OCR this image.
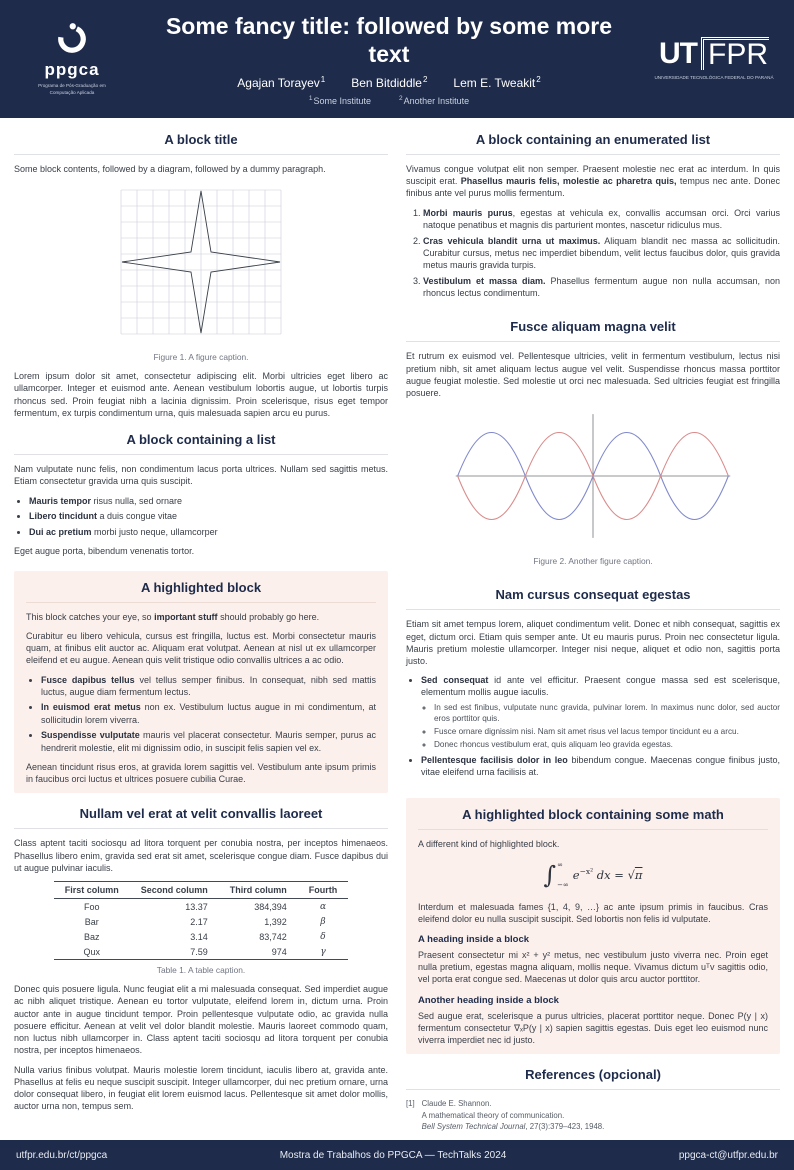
ppgca
Programa de Pós-Graduação em Computação Aplicada
Some fancy title: followed by some more text
Agajan Torayev$^1$ Ben Bitdiddle$^2$ Lem E. Tweakit$^2$
$^1$Some Institute	$^2$Another Institute
UT FPR
UNIVERSIDADE TECNOLÓGICA FEDERAL DO PARANÁ
A block title

Some block contents, followed by a diagram, followed by a dummy paragraph.

Figure 1. A figure caption.

Lorem ipsum dolor sit amet, consectetur adipiscing elit. Morbi ultricies eget libero ac ullamcorper. Integer et euismod ante. Aenean vestibulum lobortis augue, ut lobortis turpis rhoncus sed. Proin feugiat nibh a lacinia dignissim. Proin scelerisque, risus eget tempor fermentum, ex turpis condimentum urna, quis malesuada sapien arcu eu purus.

A block containing a list

Nam vulputate nunc felis, non condimentum lacus porta ultrices. Nullam sed sagittis metus. Etiam consectetur gravida urna quis suscipit.

• Mauris tempor risus nulla, sed ornare
• Libero tincidunt a duis congue vitae
• Dui ac pretium morbi justo neque, ullamcorper

Eget augue porta, bibendum venenatis tortor.

A highlighted block

This block catches your eye, so important stuff should probably go here.

Curabitur eu libero vehicula, cursus est fringilla, luctus est. Morbi consectetur mauris quam, at finibus elit auctor ac. Aliquam erat volutpat. Aenean at nisl ut ex ullamcorper eleifend et eu augue. Aenean quis velit tristique odio convallis ultrices a ac odio.

• Fusce dapibus tellus vel tellus semper finibus. In consequat, nibh sed mattis luctus, augue diam fermentum lectus.
• In euismod erat metus non ex. Vestibulum luctus augue in mi condimentum, at sollicitudin lorem viverra.
• Suspendisse vulputate mauris vel placerat consectetur. Mauris semper, purus ac hendrerit molestie, elit mi dignissim odio, in suscipit felis sapien vel ex.

Aenean tincidunt risus eros, at gravida lorem sagittis vel. Vestibulum ante ipsum primis in faucibus orci luctus et ultrices posuere cubilia Curae.

Nullam vel erat at velit convallis laoreet

Class aptent taciti sociosqu ad litora torquent per conubia nostra, per inceptos himenaeos. Phasellus libero enim, gravida sed erat sit amet, scelerisque congue diam. Fusce dapibus dui ut augue pulvinar iaculis.

First column	Second column	Third column	Fourth
Foo	13.37	384,394	α
Bar	2.17	1,392	β
Baz	3.14	83,742	δ
Qux	7.59	974	γ
Table 1. A table caption.

Donec quis posuere ligula. Nunc feugiat elit a mi malesuada consequat. Sed imperdiet augue ac nibh aliquet tristique. Aenean eu tortor vulputate, eleifend lorem in, dictum urna. Proin auctor ante in augue tincidunt tempor. Proin pellentesque vulputate odio, ac gravida nulla posuere efficitur. Aenean at velit vel dolor blandit molestie. Mauris laoreet commodo quam, non luctus nibh ullamcorper in. Class aptent taciti sociosqu ad litora torquent per conubia nostra, per inceptos himenaeos.

Nulla varius finibus volutpat. Mauris molestie lorem tincidunt, iaculis libero at, gravida ante. Phasellus at felis eu neque suscipit suscipit. Integer ullamcorper, dui nec pretium ornare, urna dolor consequat libero, in feugiat elit lorem euismod lacus. Pellentesque sit amet dolor mollis, auctor urna non, tempus sem.

A block containing an enumerated list

Vivamus congue volutpat elit non semper. Praesent molestie nec erat ac interdum. In quis suscipit erat. Phasellus mauris felis, molestie ac pharetra quis, tempus nec ante. Donec finibus ante vel purus mollis fermentum.

1. Morbi mauris purus, egestas at vehicula ex, convallis accumsan orci. Orci varius natoque penatibus et magnis dis parturient montes, nascetur ridiculus mus.
2. Cras vehicula blandit urna ut maximus. Aliquam blandit nec massa ac sollicitudin. Curabitur cursus, metus nec imperdiet bibendum, velit lectus faucibus dolor, quis gravida metus mauris gravida turpis.
3. Vestibulum et massa diam. Phasellus fermentum augue non nulla accumsan, non rhoncus lectus condimentum.
Fusce aliquam magna velit

Et rutrum ex euismod vel. Pellentesque ultricies, velit in fermentum vestibulum, lectus nisi pretium nibh, sit amet aliquam lectus augue vel velit. Suspendisse rhoncus massa porttitor augue feugiat molestie. Sed molestie ut orci nec malesuada. Sed ultricies feugiat est fringilla posuere.

Figure 2. Another figure caption.
Nam cursus consequat egestas

Etiam sit amet tempus lorem, aliquet condimentum velit. Donec et nibh consequat, sagittis ex eget, dictum orci. Etiam quis semper ante. Ut eu mauris purus. Proin nec consectetur ligula. Mauris pretium molestie ullamcorper. Integer nisi neque, aliquet et odio non, sagittis porta justo.

• Sed consequat id ante vel efficitur. Praesent congue massa sed est scelerisque, elementum mollis augue iaculis.
◦ In sed est finibus, vulputate nunc gravida, pulvinar lorem. In maximus nunc dolor, sed auctor eros porttitor quis.
◦ Fusce ornare dignissim nisi. Nam sit amet risus vel lacus tempor tincidunt eu a arcu.
◦ Donec rhoncus vestibulum erat, quis aliquam leo gravida egestas.
• Pellentesque facilisis dolor in leo bibendum congue. Maecenas congue finibus justo, vitae eleifend urna facilisis at.
A highlighted block containing some math

A different kind of highlighted block.

∫ ∞
−∞
$e^{-x^2}$ dx = √π

Interdum et malesuada fames {1, 4, 9, …} ac ante ipsum primis in faucibus. Cras eleifend dolor eu nulla suscipit suscipit. Sed lobortis non felis id vulputate.

A heading inside a block

Praesent consectetur mi x² + y² metus, nec vestibulum justo viverra nec. Proin eget nulla pretium, egestas magna aliquam, mollis neque. Vivamus dictum uᵀv sagittis odio, vel porta erat congue sed. Maecenas ut dolor quis arcu auctor porttitor.

Another heading inside a block

Sed augue erat, scelerisque a purus ultricies, placerat porttitor neque. Donec P(y | x) fermentum consectetur ∇ₓP(y | x) sapien sagittis egestas. Duis eget leo euismod nunc viverra imperdiet nec id justo.

References (opcional)
[1] Claude E. Shannon.
A mathematical theory of communication.
Bell System Technical Journal, 27(3):379–423, 1948.
utfpr.edu.br/ct/ppgca	Mostra de Trabalhos do PPGCA — TechTalks 2024	ppgca-ct@utfpr.edu.br
